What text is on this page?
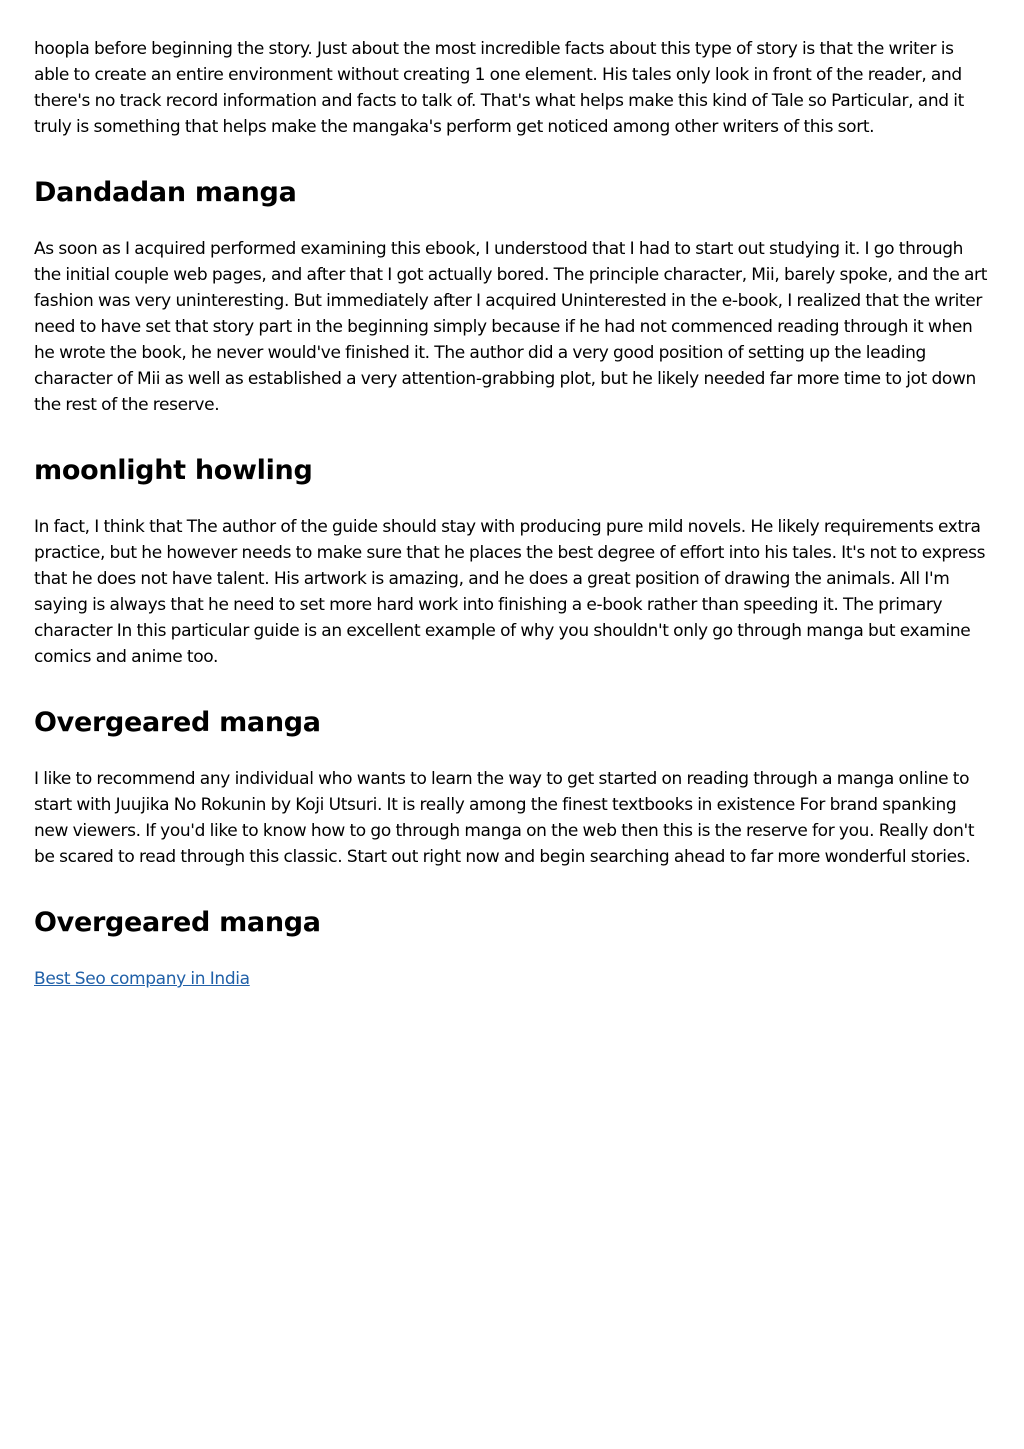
hoopla before beginning the story. Just about the most incredible facts about this type of story is that the writer is able to create an entire environment without creating 1 one element. His tales only look in front of the reader, and there's no track record information and facts to talk of. That's what helps make this kind of Tale so Particular, and it truly is something that helps make the mangaka's perform get noticed among other writers of this sort.

Dandadan manga

As soon as I acquired performed examining this ebook, I understood that I had to start out studying it. I go through the initial couple web pages, and after that I got actually bored. The principle character, Mii, barely spoke, and the art fashion was very uninteresting. But immediately after I acquired Uninterested in the e-book, I realized that the writer need to have set that story part in the beginning simply because if he had not commenced reading through it when he wrote the book, he never would've finished it. The author did a very good position of setting up the leading character of Mii as well as established a very attention-grabbing plot, but he likely needed far more time to jot down the rest of the reserve.

moonlight howling

In fact, I think that The author of the guide should stay with producing pure mild novels. He likely requirements extra practice, but he however needs to make sure that he places the best degree of effort into his tales. It's not to express that he does not have talent. His artwork is amazing, and he does a great position of drawing the animals. All I'm saying is always that he need to set more hard work into finishing a e-book rather than speeding it. The primary character In this particular guide is an excellent example of why you shouldn't only go through manga but examine comics and anime too.

Overgeared manga

I like to recommend any individual who wants to learn the way to get started on reading through a manga online to start with Juujika No Rokunin by Koji Utsuri. It is really among the finest textbooks in existence For brand spanking new viewers. If you'd like to know how to go through manga on the web then this is the reserve for you. Really don't be scared to read through this classic. Start out right now and begin searching ahead to far more wonderful stories.

Overgeared manga

Best Seo company in India
